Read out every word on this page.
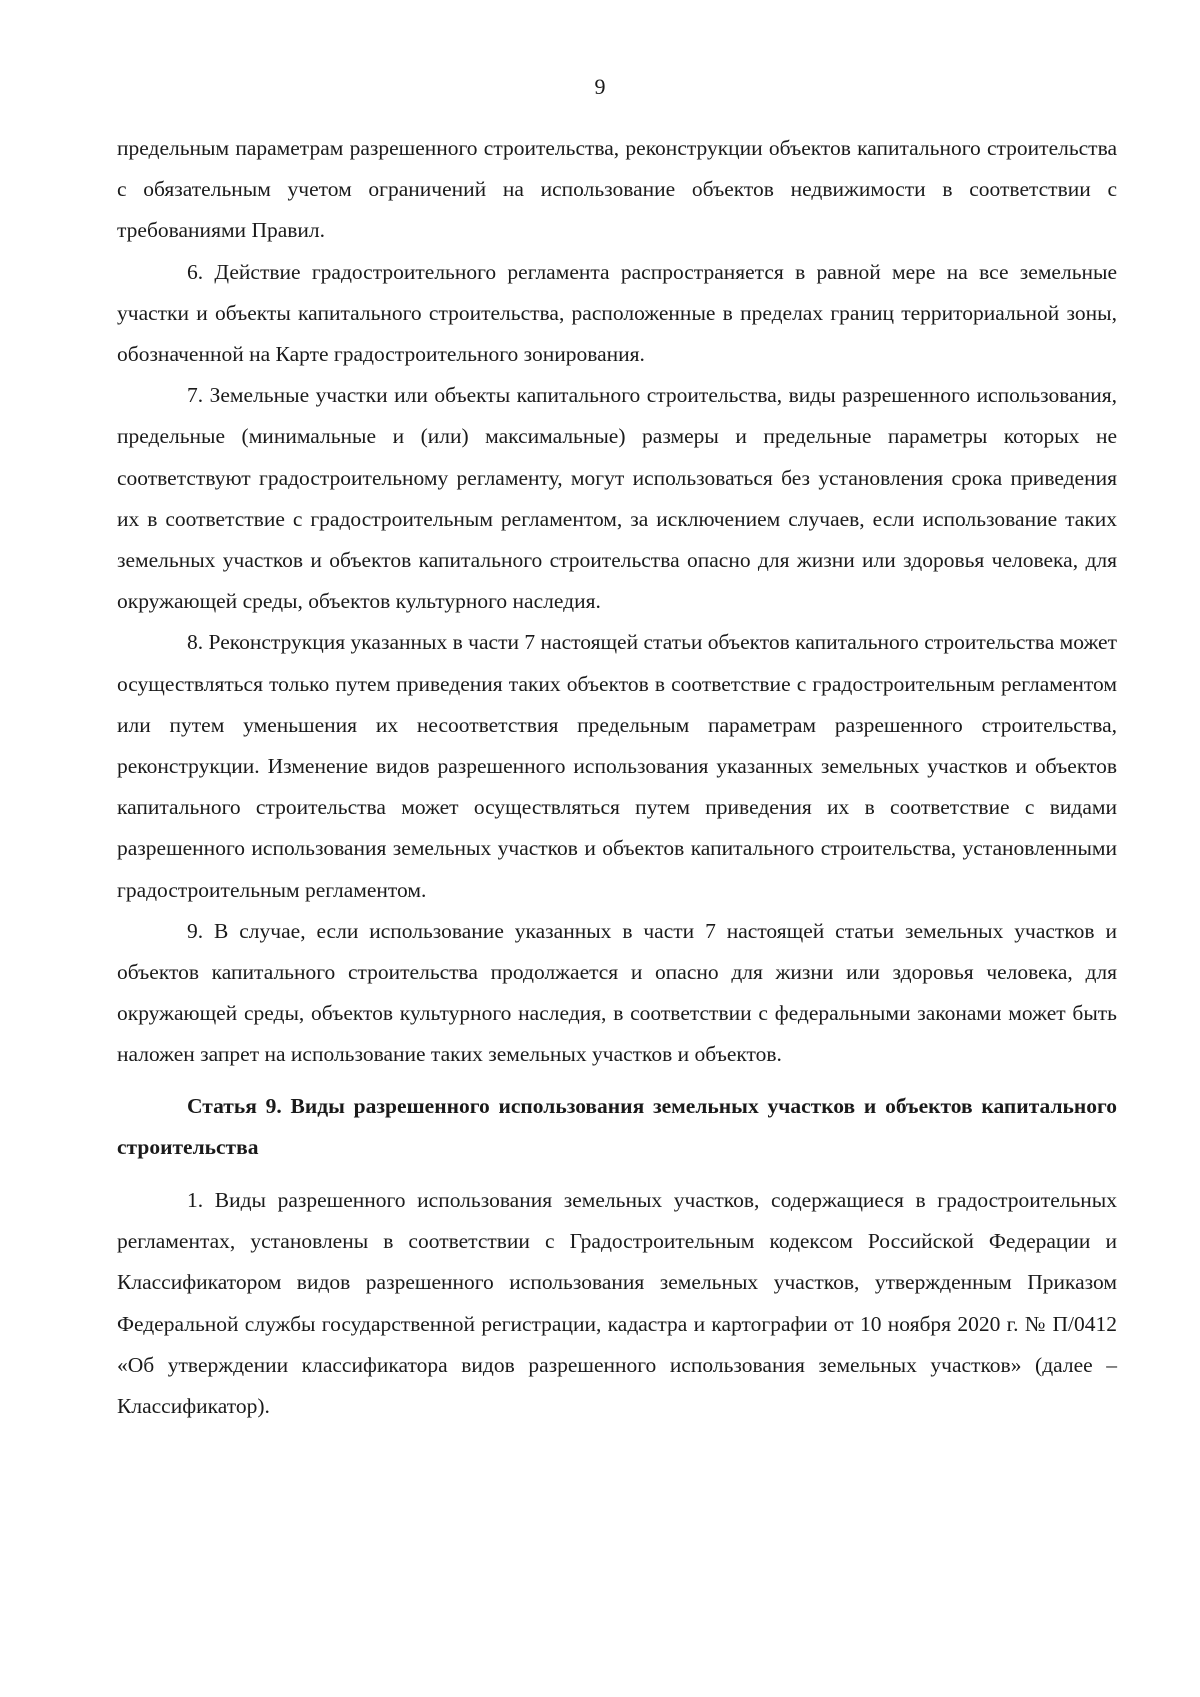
9

предельным параметрам разрешенного строительства, реконструкции объектов капитального строительства с обязательным учетом ограничений на использование объектов недвижимости в соответствии с требованиями Правил.

6. Действие градостроительного регламента распространяется в равной мере на все земельные участки и объекты капитального строительства, расположенные в пределах границ территориальной зоны, обозначенной на Карте градостроительного зонирования.

7. Земельные участки или объекты капитального строительства, виды разрешенного использования, предельные (минимальные и (или) максимальные) размеры и предельные параметры которых не соответствуют градостроительному регламенту, могут использоваться без установления срока приведения их в соответствие с градостроительным регламентом, за исключением случаев, если использование таких земельных участков и объектов капитального строительства опасно для жизни или здоровья человека, для окружающей среды, объектов культурного наследия.

8. Реконструкция указанных в части 7 настоящей статьи объектов капитального строительства может осуществляться только путем приведения таких объектов в соответствие с градостроительным регламентом или путем уменьшения их несоответствия предельным параметрам разрешенного строительства, реконструкции. Изменение видов разрешенного использования указанных земельных участков и объектов капитального строительства может осуществляться путем приведения их в соответствие с видами разрешенного использования земельных участков и объектов капитального строительства, установленными градостроительным регламентом.

9. В случае, если использование указанных в части 7 настоящей статьи земельных участков и объектов капитального строительства продолжается и опасно для жизни или здоровья человека, для окружающей среды, объектов культурного наследия, в соответствии с федеральными законами может быть наложен запрет на использование таких земельных участков и объектов.

Статья 9. Виды разрешенного использования земельных участков и объектов капитального строительства

1. Виды разрешенного использования земельных участков, содержащиеся в градостроительных регламентах, установлены в соответствии с Градостроительным кодексом Российской Федерации и Классификатором видов разрешенного использования земельных участков, утвержденным Приказом Федеральной службы государственной регистрации, кадастра и картографии от 10 ноября 2020 г. № П/0412 «Об утверждении классификатора видов разрешенного использования земельных участков» (далее – Классификатор).
